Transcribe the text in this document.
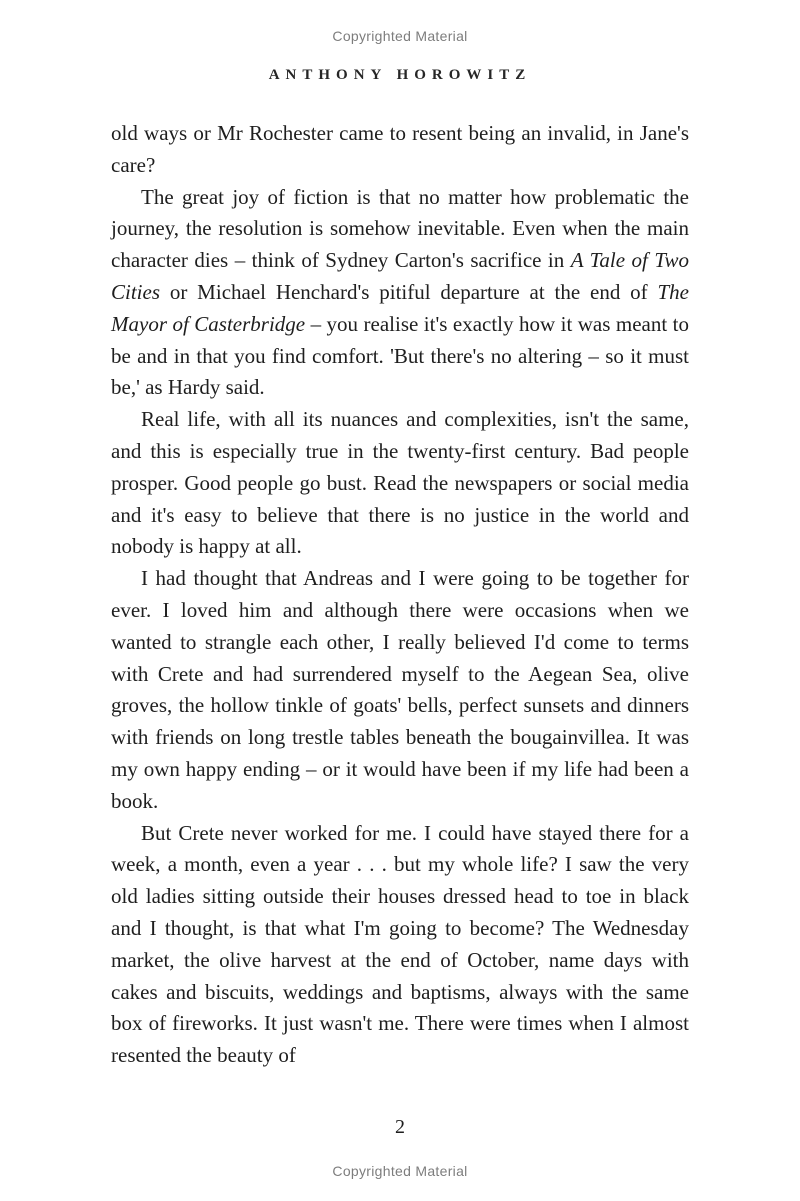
Copyrighted Material
ANTHONY HOROWITZ

old ways or Mr Rochester came to resent being an invalid, in Jane's care?

The great joy of fiction is that no matter how problematic the journey, the resolution is somehow inevitable. Even when the main character dies – think of Sydney Carton's sacrifice in A Tale of Two Cities or Michael Henchard's pitiful departure at the end of The Mayor of Casterbridge – you realise it's exactly how it was meant to be and in that you find comfort. 'But there's no altering – so it must be,' as Hardy said.

Real life, with all its nuances and complexities, isn't the same, and this is especially true in the twenty-first century. Bad people prosper. Good people go bust. Read the newspapers or social media and it's easy to believe that there is no justice in the world and nobody is happy at all.

I had thought that Andreas and I were going to be together for ever. I loved him and although there were occasions when we wanted to strangle each other, I really believed I'd come to terms with Crete and had surrendered myself to the Aegean Sea, olive groves, the hollow tinkle of goats' bells, perfect sunsets and dinners with friends on long trestle tables beneath the bougainvillea. It was my own happy ending – or it would have been if my life had been a book.

But Crete never worked for me. I could have stayed there for a week, a month, even a year . . . but my whole life? I saw the very old ladies sitting outside their houses dressed head to toe in black and I thought, is that what I'm going to become? The Wednesday market, the olive harvest at the end of October, name days with cakes and biscuits, weddings and baptisms, always with the same box of fireworks. It just wasn't me. There were times when I almost resented the beauty of

2
Copyrighted Material
